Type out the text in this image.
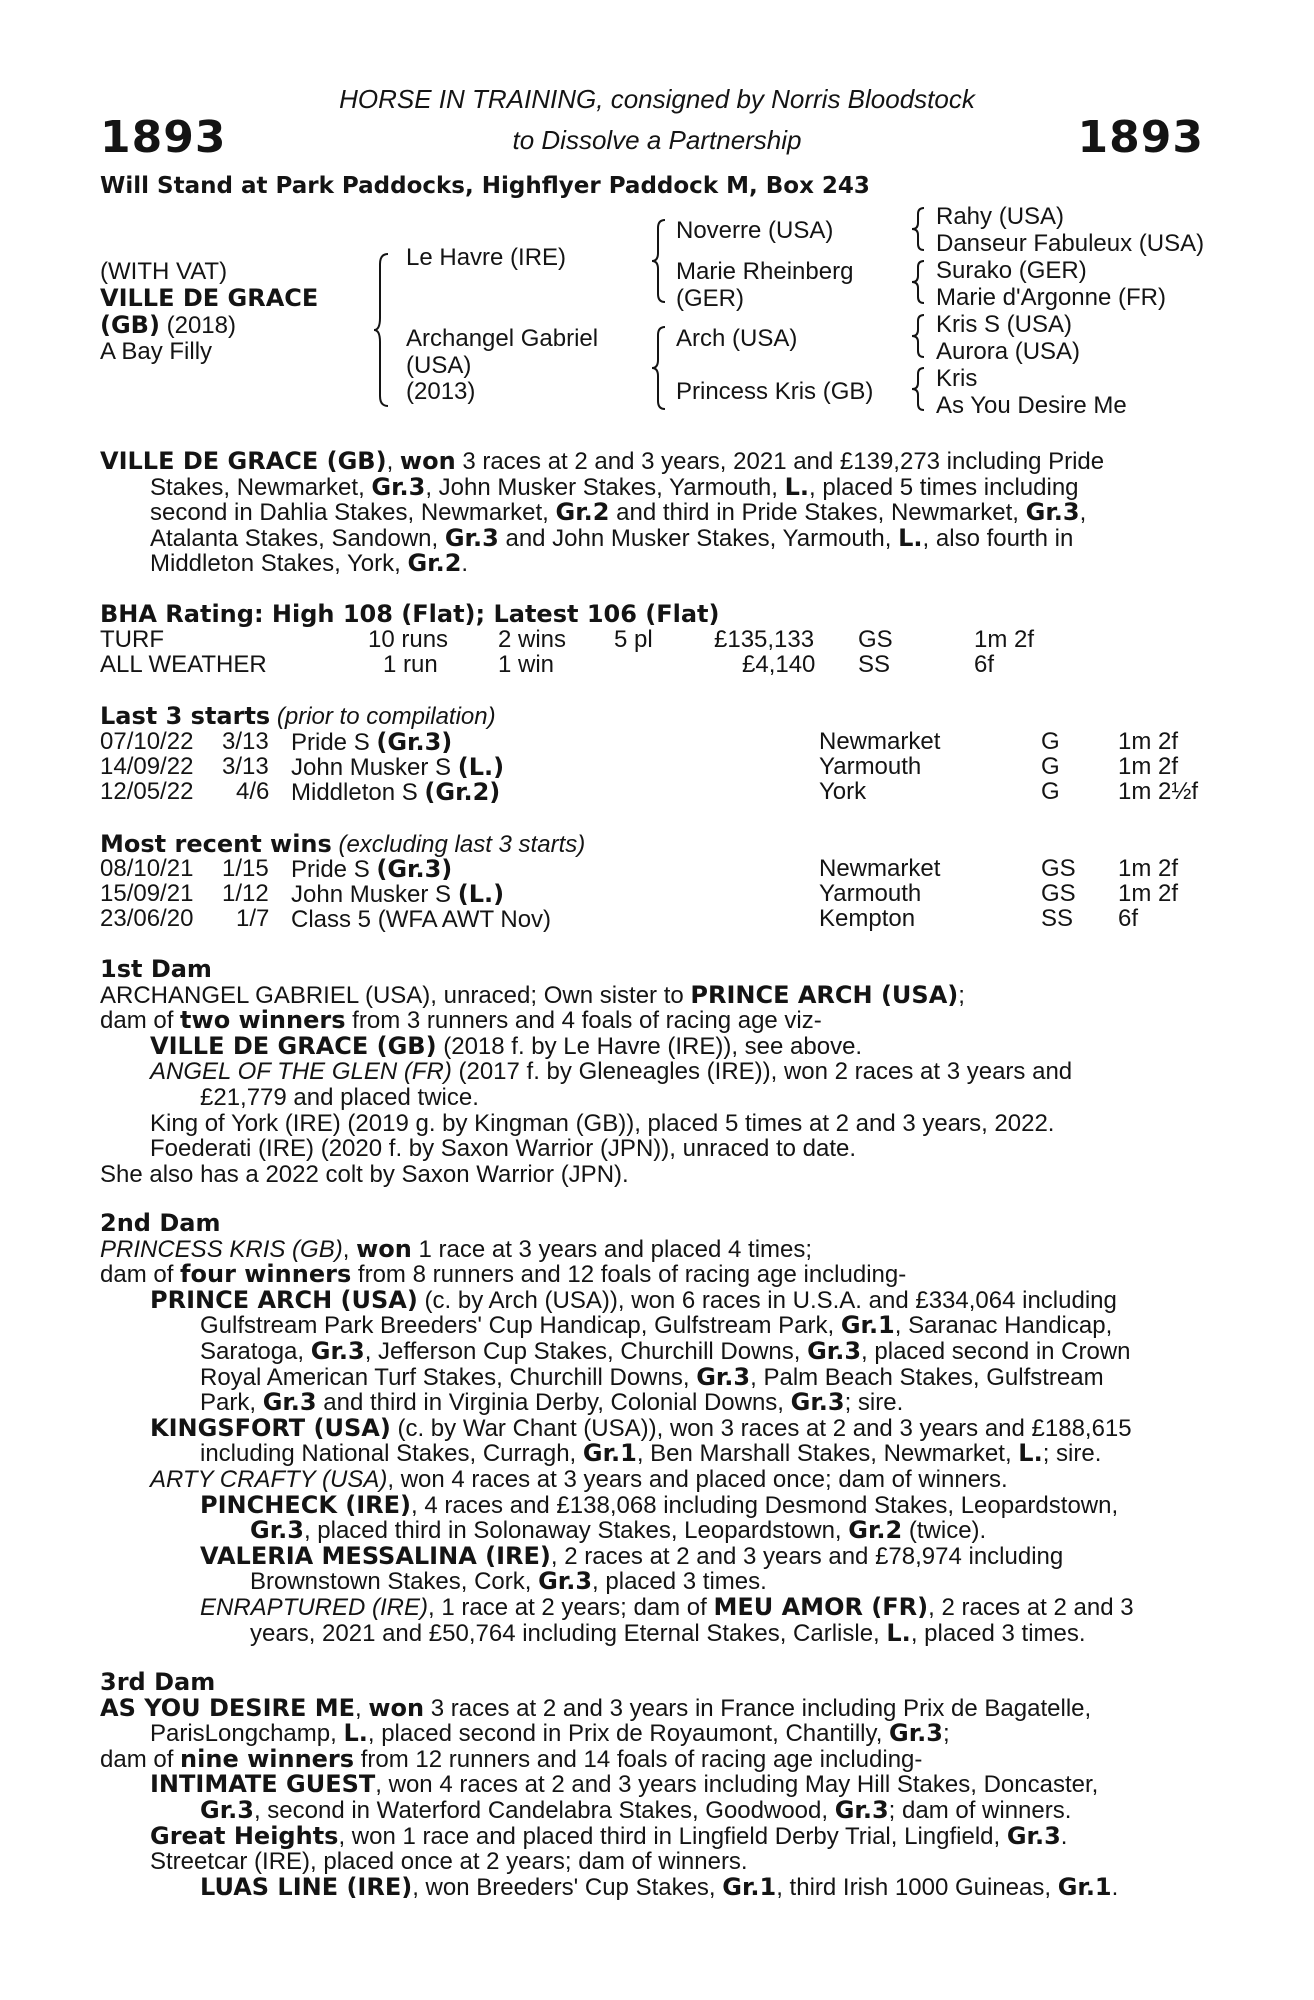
1893	1893
HORSE IN TRAINING, consigned by Norris Bloodstock
to Dissolve a Partnership
Will Stand at Park Paddocks, Highflyer Paddock M, Box 243
(WITH VAT)
VILLE DE GRACE
(GB) (2018)
A Bay Filly
Le Havre (IRE)
Archangel Gabriel
(USA)
(2013)
Noverre (USA)
Marie Rheinberg
(GER)
Arch (USA)
Princess Kris (GB)
Rahy (USA)
Danseur Fabuleux (USA)
Surako (GER)
Marie d'Argonne (FR)
Kris S (USA)
Aurora (USA)
Kris
As You Desire Me
VILLE DE GRACE (GB), won 3 races at 2 and 3 years, 2021 and £139,273 including Pride
Stakes, Newmarket, Gr.3, John Musker Stakes, Yarmouth, L., placed 5 times including
second in Dahlia Stakes, Newmarket, Gr.2 and third in Pride Stakes, Newmarket, Gr.3,
Atalanta Stakes, Sandown, Gr.3 and John Musker Stakes, Yarmouth, L., also fourth in
Middleton Stakes, York, Gr.2.
BHA Rating: High 108 (Flat); Latest 106 (Flat)
TURF	10 runs 2 wins 5 pl	£135,133 GS	1m 2f
ALL WEATHER	1 run	1 win	£4,140 SS	6f
Last 3 starts (prior to compilation)
07/10/22 3/13 Pride S (Gr.3)	Newmarket	G 1m 2f
14/09/22 3/13 John Musker S (L.)	Yarmouth	G 1m 2f
12/05/22 4/6 Middleton S (Gr.2)	York	G 1m 2½f
Most recent wins (excluding last 3 starts)
08/10/21 1/15 Pride S (Gr.3)	Newmarket	GS 1m 2f
15/09/21 1/12 John Musker S (L.)	Yarmouth	GS 1m 2f
23/06/20 1/7 Class 5 (WFA AWT Nov)	Kempton	SS 6f
1st Dam
ARCHANGEL GABRIEL (USA), unraced; Own sister to PRINCE ARCH (USA);
dam of two winners from 3 runners and 4 foals of racing age viz-
VILLE DE GRACE (GB) (2018 f. by Le Havre (IRE)), see above.
ANGEL OF THE GLEN (FR) (2017 f. by Gleneagles (IRE)), won 2 races at 3 years and
£21,779 and placed twice.
King of York (IRE) (2019 g. by Kingman (GB)), placed 5 times at 2 and 3 years, 2022.
Foederati (IRE) (2020 f. by Saxon Warrior (JPN)), unraced to date.
She also has a 2022 colt by Saxon Warrior (JPN).
2nd Dam
PRINCESS KRIS (GB), won 1 race at 3 years and placed 4 times;
dam of four winners from 8 runners and 12 foals of racing age including-
PRINCE ARCH (USA) (c. by Arch (USA)), won 6 races in U.S.A. and £334,064 including
Gulfstream Park Breeders' Cup Handicap, Gulfstream Park, Gr.1, Saranac Handicap,
Saratoga, Gr.3, Jefferson Cup Stakes, Churchill Downs, Gr.3, placed second in Crown
Royal American Turf Stakes, Churchill Downs, Gr.3, Palm Beach Stakes, Gulfstream
Park, Gr.3 and third in Virginia Derby, Colonial Downs, Gr.3; sire.
KINGSFORT (USA) (c. by War Chant (USA)), won 3 races at 2 and 3 years and £188,615
including National Stakes, Curragh, Gr.1, Ben Marshall Stakes, Newmarket, L.; sire.
ARTY CRAFTY (USA), won 4 races at 3 years and placed once; dam of winners.
PINCHECK (IRE), 4 races and £138,068 including Desmond Stakes, Leopardstown,
Gr.3, placed third in Solonaway Stakes, Leopardstown, Gr.2 (twice).
VALERIA MESSALINA (IRE), 2 races at 2 and 3 years and £78,974 including
Brownstown Stakes, Cork, Gr.3, placed 3 times.
ENRAPTURED (IRE), 1 race at 2 years; dam of MEU AMOR (FR), 2 races at 2 and 3
years, 2021 and £50,764 including Eternal Stakes, Carlisle, L., placed 3 times.
3rd Dam
AS YOU DESIRE ME, won 3 races at 2 and 3 years in France including Prix de Bagatelle,
ParisLongchamp, L., placed second in Prix de Royaumont, Chantilly, Gr.3;
dam of nine winners from 12 runners and 14 foals of racing age including-
INTIMATE GUEST, won 4 races at 2 and 3 years including May Hill Stakes, Doncaster,
Gr.3, second in Waterford Candelabra Stakes, Goodwood, Gr.3; dam of winners.
Great Heights, won 1 race and placed third in Lingfield Derby Trial, Lingfield, Gr.3.
Streetcar (IRE), placed once at 2 years; dam of winners.
LUAS LINE (IRE), won Breeders' Cup Stakes, Gr.1, third Irish 1000 Guineas, Gr.1.
